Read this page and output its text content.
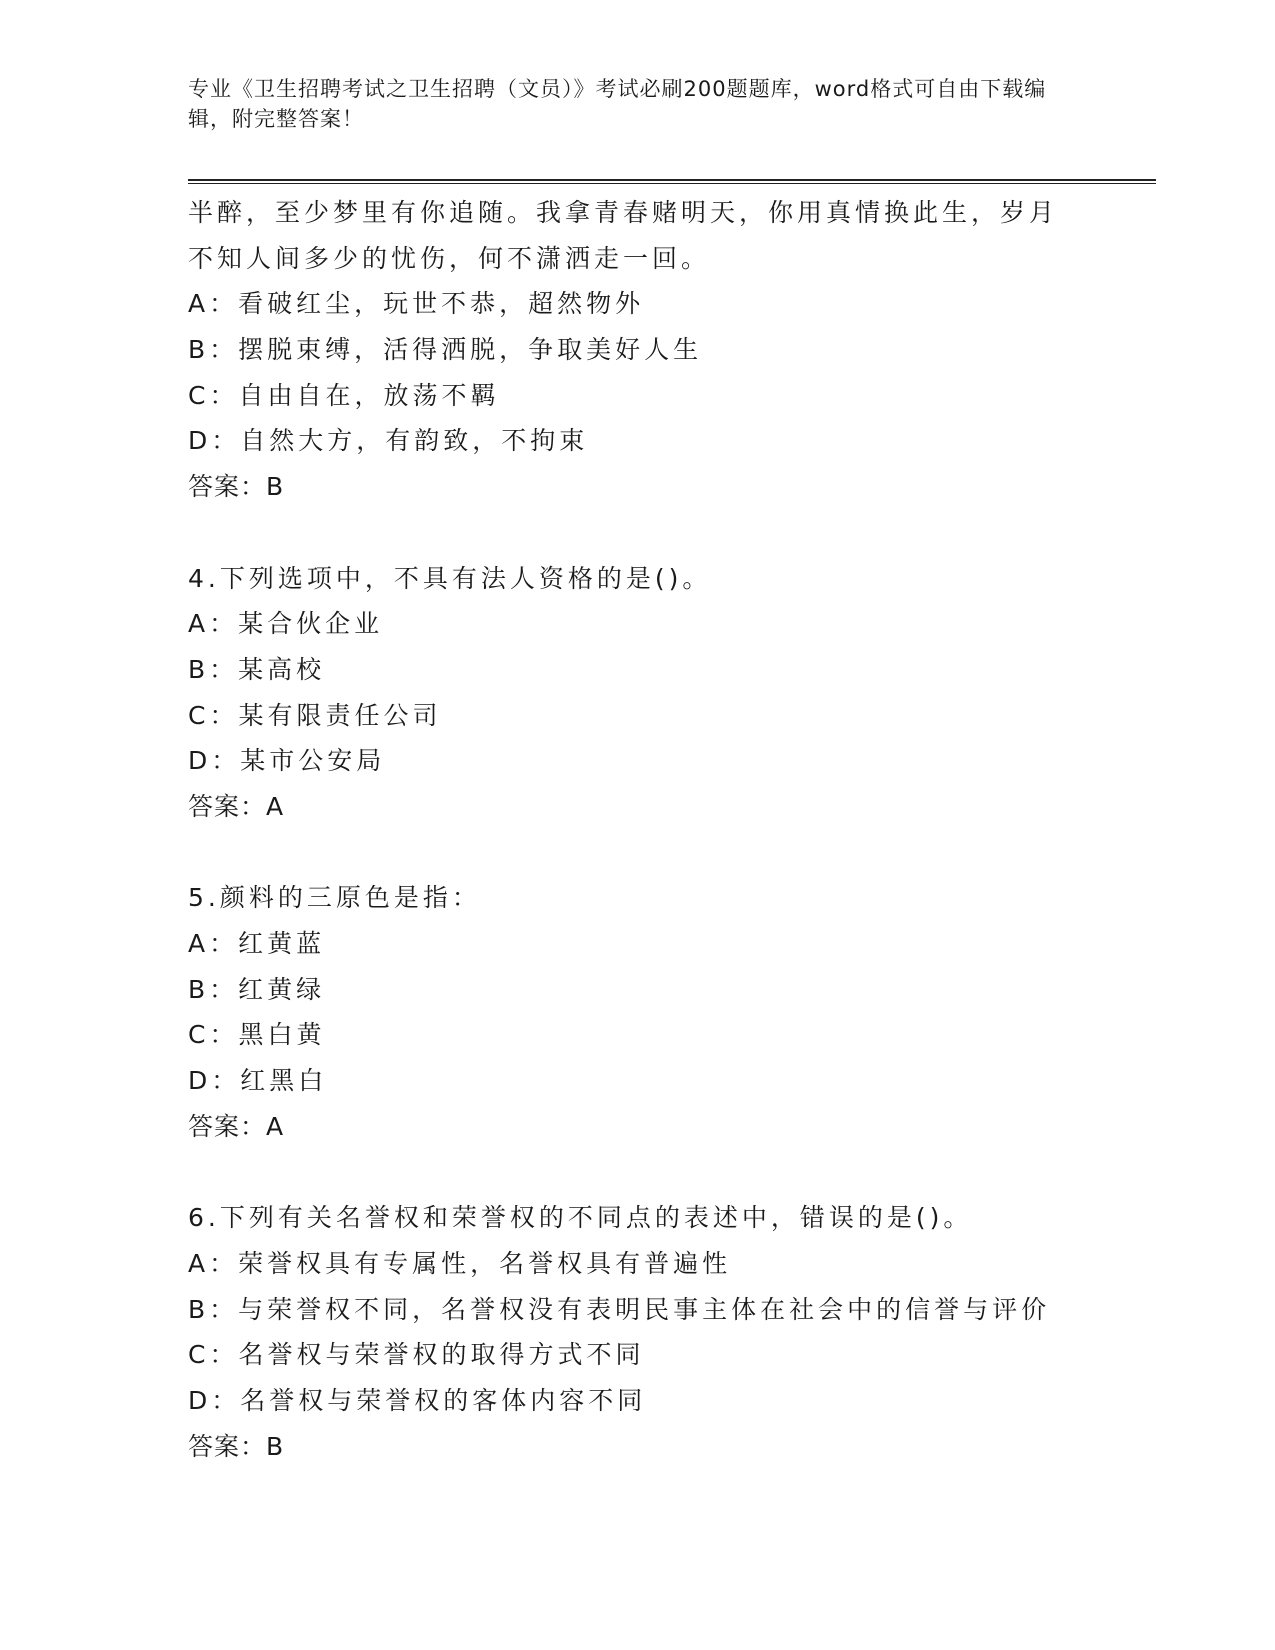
专业《卫生招聘考试之卫生招聘（文员）》考试必刷200题题库，word格式可自由下载编辑，附完整答案！
半醉，至少梦里有你追随。我拿青春赌明天，你用真情换此生，岁月
不知人间多少的忧伤，何不潇洒走一回。
A：看破红尘，玩世不恭，超然物外
B：摆脱束缚，活得洒脱，争取美好人生
C：自由自在，放荡不羁
D：自然大方，有韵致，不拘束
答案：B
4.下列选项中，不具有法人资格的是()。
A：某合伙企业
B：某高校
C：某有限责任公司
D：某市公安局
答案：A
5.颜料的三原色是指：
A：红黄蓝
B：红黄绿
C：黑白黄
D：红黑白
答案：A
6.下列有关名誉权和荣誉权的不同点的表述中，错误的是()。
A：荣誉权具有专属性，名誉权具有普遍性
B：与荣誉权不同，名誉权没有表明民事主体在社会中的信誉与评价
C：名誉权与荣誉权的取得方式不同
D：名誉权与荣誉权的客体内容不同
答案：B
